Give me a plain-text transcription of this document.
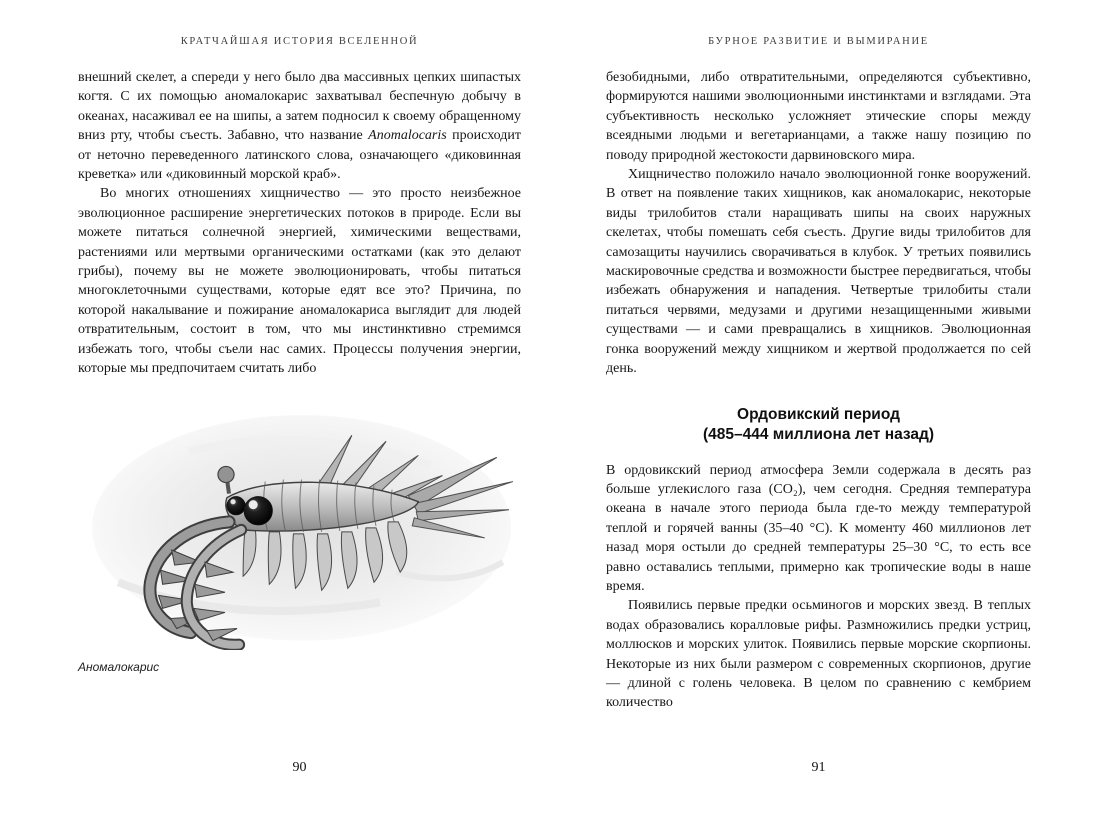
КРАТЧАЙШАЯ ИСТОРИЯ ВСЕЛЕННОЙ

внешний скелет, а спереди у него было два массивных цепких шипастых когтя. С их помощью аномалокарис захватывал беспечную добычу в океанах, насаживал ее на шипы, а затем подносил к своему обращенному вниз рту, чтобы съесть. Забавно, что название Anomalocaris происходит от неточно переведенного латинского слова, означающего «диковинная креветка» или «диковинный морской краб».

Во многих отношениях хищничество — это просто неизбежное эволюционное расширение энергетических потоков в природе. Если вы можете питаться солнечной энергией, химическими веществами, растениями или мертвыми органическими остатками (как это делают грибы), почему вы не можете эволюционировать, чтобы питаться многоклеточными существами, которые едят все это? Причина, по которой накалывание и пожирание аномалокариса выглядит для людей отвратительным, состоит в том, что мы инстинктивно стремимся избежать того, чтобы съели нас самих. Процессы получения энергии, которые мы предпочитаем считать либо

Аномалокарис
90
БУРНОЕ РАЗВИТИЕ И ВЫМИРАНИЕ

безобидными, либо отвратительными, определяются субъективно, формируются нашими эволюционными инстинктами и взглядами. Эта субъективность несколько усложняет этические споры между всеядными людьми и вегетарианцами, а также нашу позицию по поводу природной жестокости дарвиновского мира.

Хищничество положило начало эволюционной гонке вооружений. В ответ на появление таких хищников, как аномалокарис, некоторые виды трилобитов стали наращивать шипы на своих наружных скелетах, чтобы помешать себя съесть. Другие виды трилобитов для самозащиты научились сворачиваться в клубок. У третьих появились маскировочные средства и возможности быстрее передвигаться, чтобы избежать обнаружения и нападения. Четвертые трилобиты стали питаться червями, медузами и другими незащищенными живыми существами — и сами превращались в хищников. Эволюционная гонка вооружений между хищником и жертвой продолжается по сей день.

Ордовикский период
(485–444 миллиона лет назад)

В ордовикский период атмосфера Земли содержала в десять раз больше углекислого газа (CO₂), чем сегодня. Средняя температура океана в начале этого периода была где-то между температурой теплой и горячей ванны (35–40 °C). К моменту 460 миллионов лет назад моря остыли до средней температуры 25–30 °C, то есть все равно оставались теплыми, примерно как тропические воды в наше время.

Появились первые предки осьминогов и морских звезд. В теплых водах образовались коралловые рифы. Размножились предки устриц, моллюсков и морских улиток. Появились первые морские скорпионы. Некоторые из них были размером с современных скорпионов, другие — длиной с голень человека. В целом по сравнению с кембрием количество

91
